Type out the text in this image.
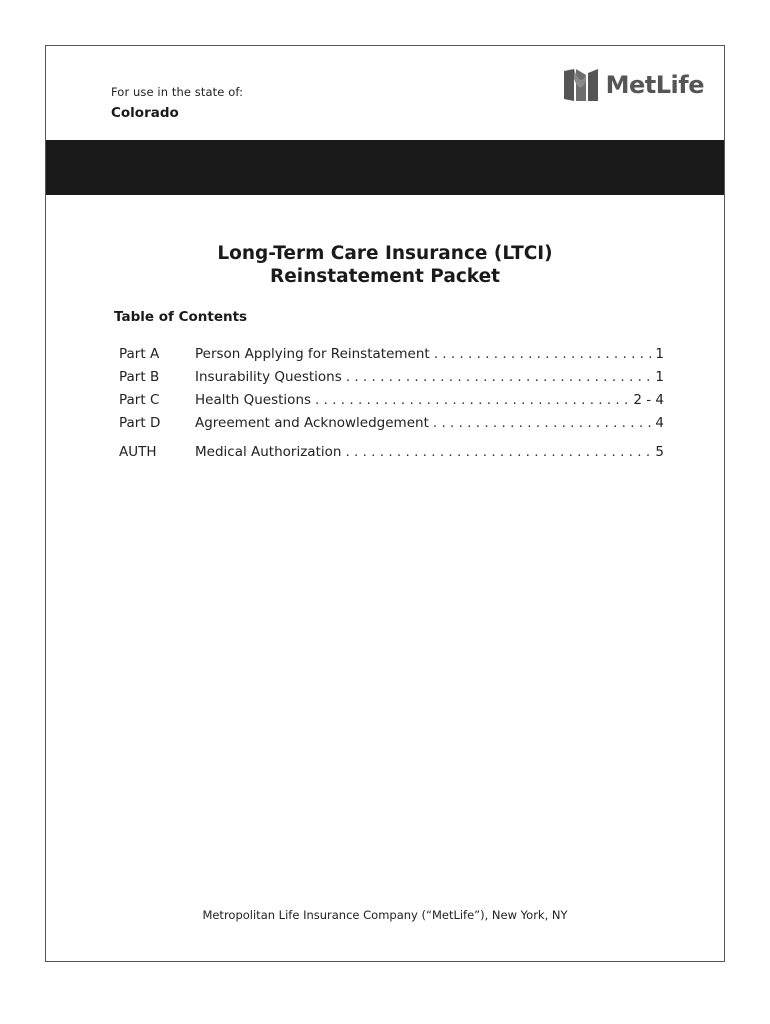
For use in the state of:
Colorado
MetLife
Long-Term Care Insurance (LTCI)
Reinstatement Packet
Table of Contents
Part A	Person Applying for Reinstatement . . .	1
Part B	Insurability Questions . . .	1
Part C	Health Questions . . .	2 - 4
Part D	Agreement and Acknowledgement . . .	4
AUTH	Medical Authorization . . .	5
Metropolitan Life Insurance Company (“MetLife”), New York, NY
